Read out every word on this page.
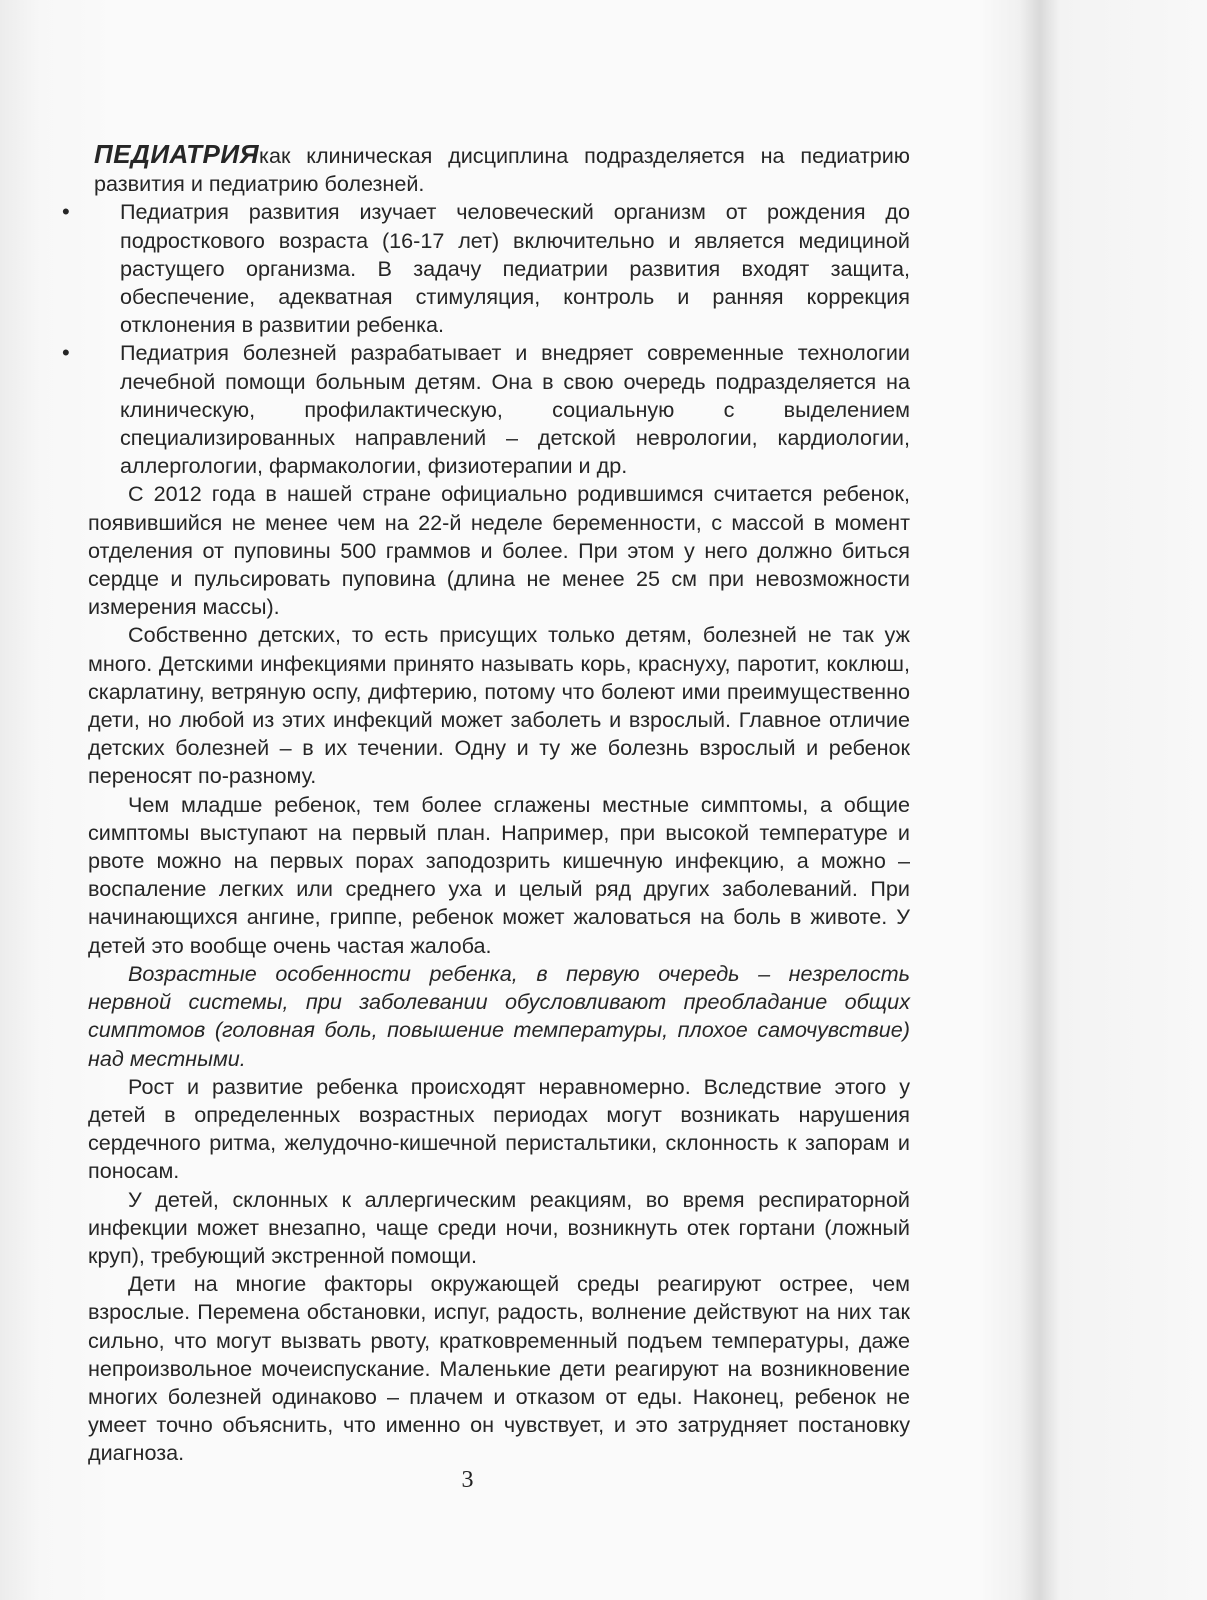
ПЕДИАТРИЯкак клиническая дисциплина подразделяется на педиатрию развития и педиатрию болезней.

• Педиатрия развития изучает человеческий организм от рождения до подросткового возраста (16-17 лет) включительно и является медициной растущего организма. В задачу педиатрии развития входят защита, обеспечение, адекватная стимуляция, контроль и ранняя коррекция отклонения в развитии ребенка.
• Педиатрия болезней разрабатывает и внедряет современные технологии лечебной помощи больным детям. Она в свою очередь подразделяется на клиническую, профилактическую, социальную с выделением специализированных направлений – детской неврологии, кардиологии, аллергологии, фармакологии, физиотерапии и др.

С 2012 года в нашей стране официально родившимся считается ребенок, появившийся не менее чем на 22-й неделе беременности, с массой в момент отделения от пуповины 500 граммов и более. При этом у него должно биться сердце и пульсировать пуповина (длина не менее 25 см при невозможности измерения массы).

Собственно детских, то есть присущих только детям, болезней не так уж много. Детскими инфекциями принято называть корь, краснуху, паротит, коклюш, скарлатину, ветряную оспу, дифтерию, потому что болеют ими преимущественно дети, но любой из этих инфекций может заболеть и взрослый. Главное отличие детских болезней – в их течении. Одну и ту же болезнь взрослый и ребенок переносят по-разному.

Чем младше ребенок, тем более сглажены местные симптомы, а общие симптомы выступают на первый план. Например, при высокой температуре и рвоте можно на первых порах заподозрить кишечную инфекцию, а можно – воспаление легких или среднего уха и целый ряд других заболеваний. При начинающихся ангине, гриппе, ребенок может жаловаться на боль в животе. У детей это вообще очень частая жалоба.

Возрастные особенности ребенка, в первую очередь – незрелость нервной системы, при заболевании обусловливают преобладание общих симптомов (головная боль, повышение температуры, плохое самочувствие) над местными.

Рост и развитие ребенка происходят неравномерно. Вследствие этого у детей в определенных возрастных периодах могут возникать нарушения сердечного ритма, желудочно-кишечной перистальтики, склонность к запорам и поносам.

У детей, склонных к аллергическим реакциям, во время респираторной инфекции может внезапно, чаще среди ночи, возникнуть отек гортани (ложный круп), требующий экстренной помощи.

Дети на многие факторы окружающей среды реагируют острее, чем взрослые. Перемена обстановки, испуг, радость, волнение действуют на них так сильно, что могут вызвать рвоту, кратковременный подъем температуры, даже непроизвольное мочеиспускание. Маленькие дети реагируют на возникновение многих болезней одинаково – плачем и отказом от еды. Наконец, ребенок не умеет точно объяснить, что именно он чувствует, и это затрудняет постановку диагноза.

3
